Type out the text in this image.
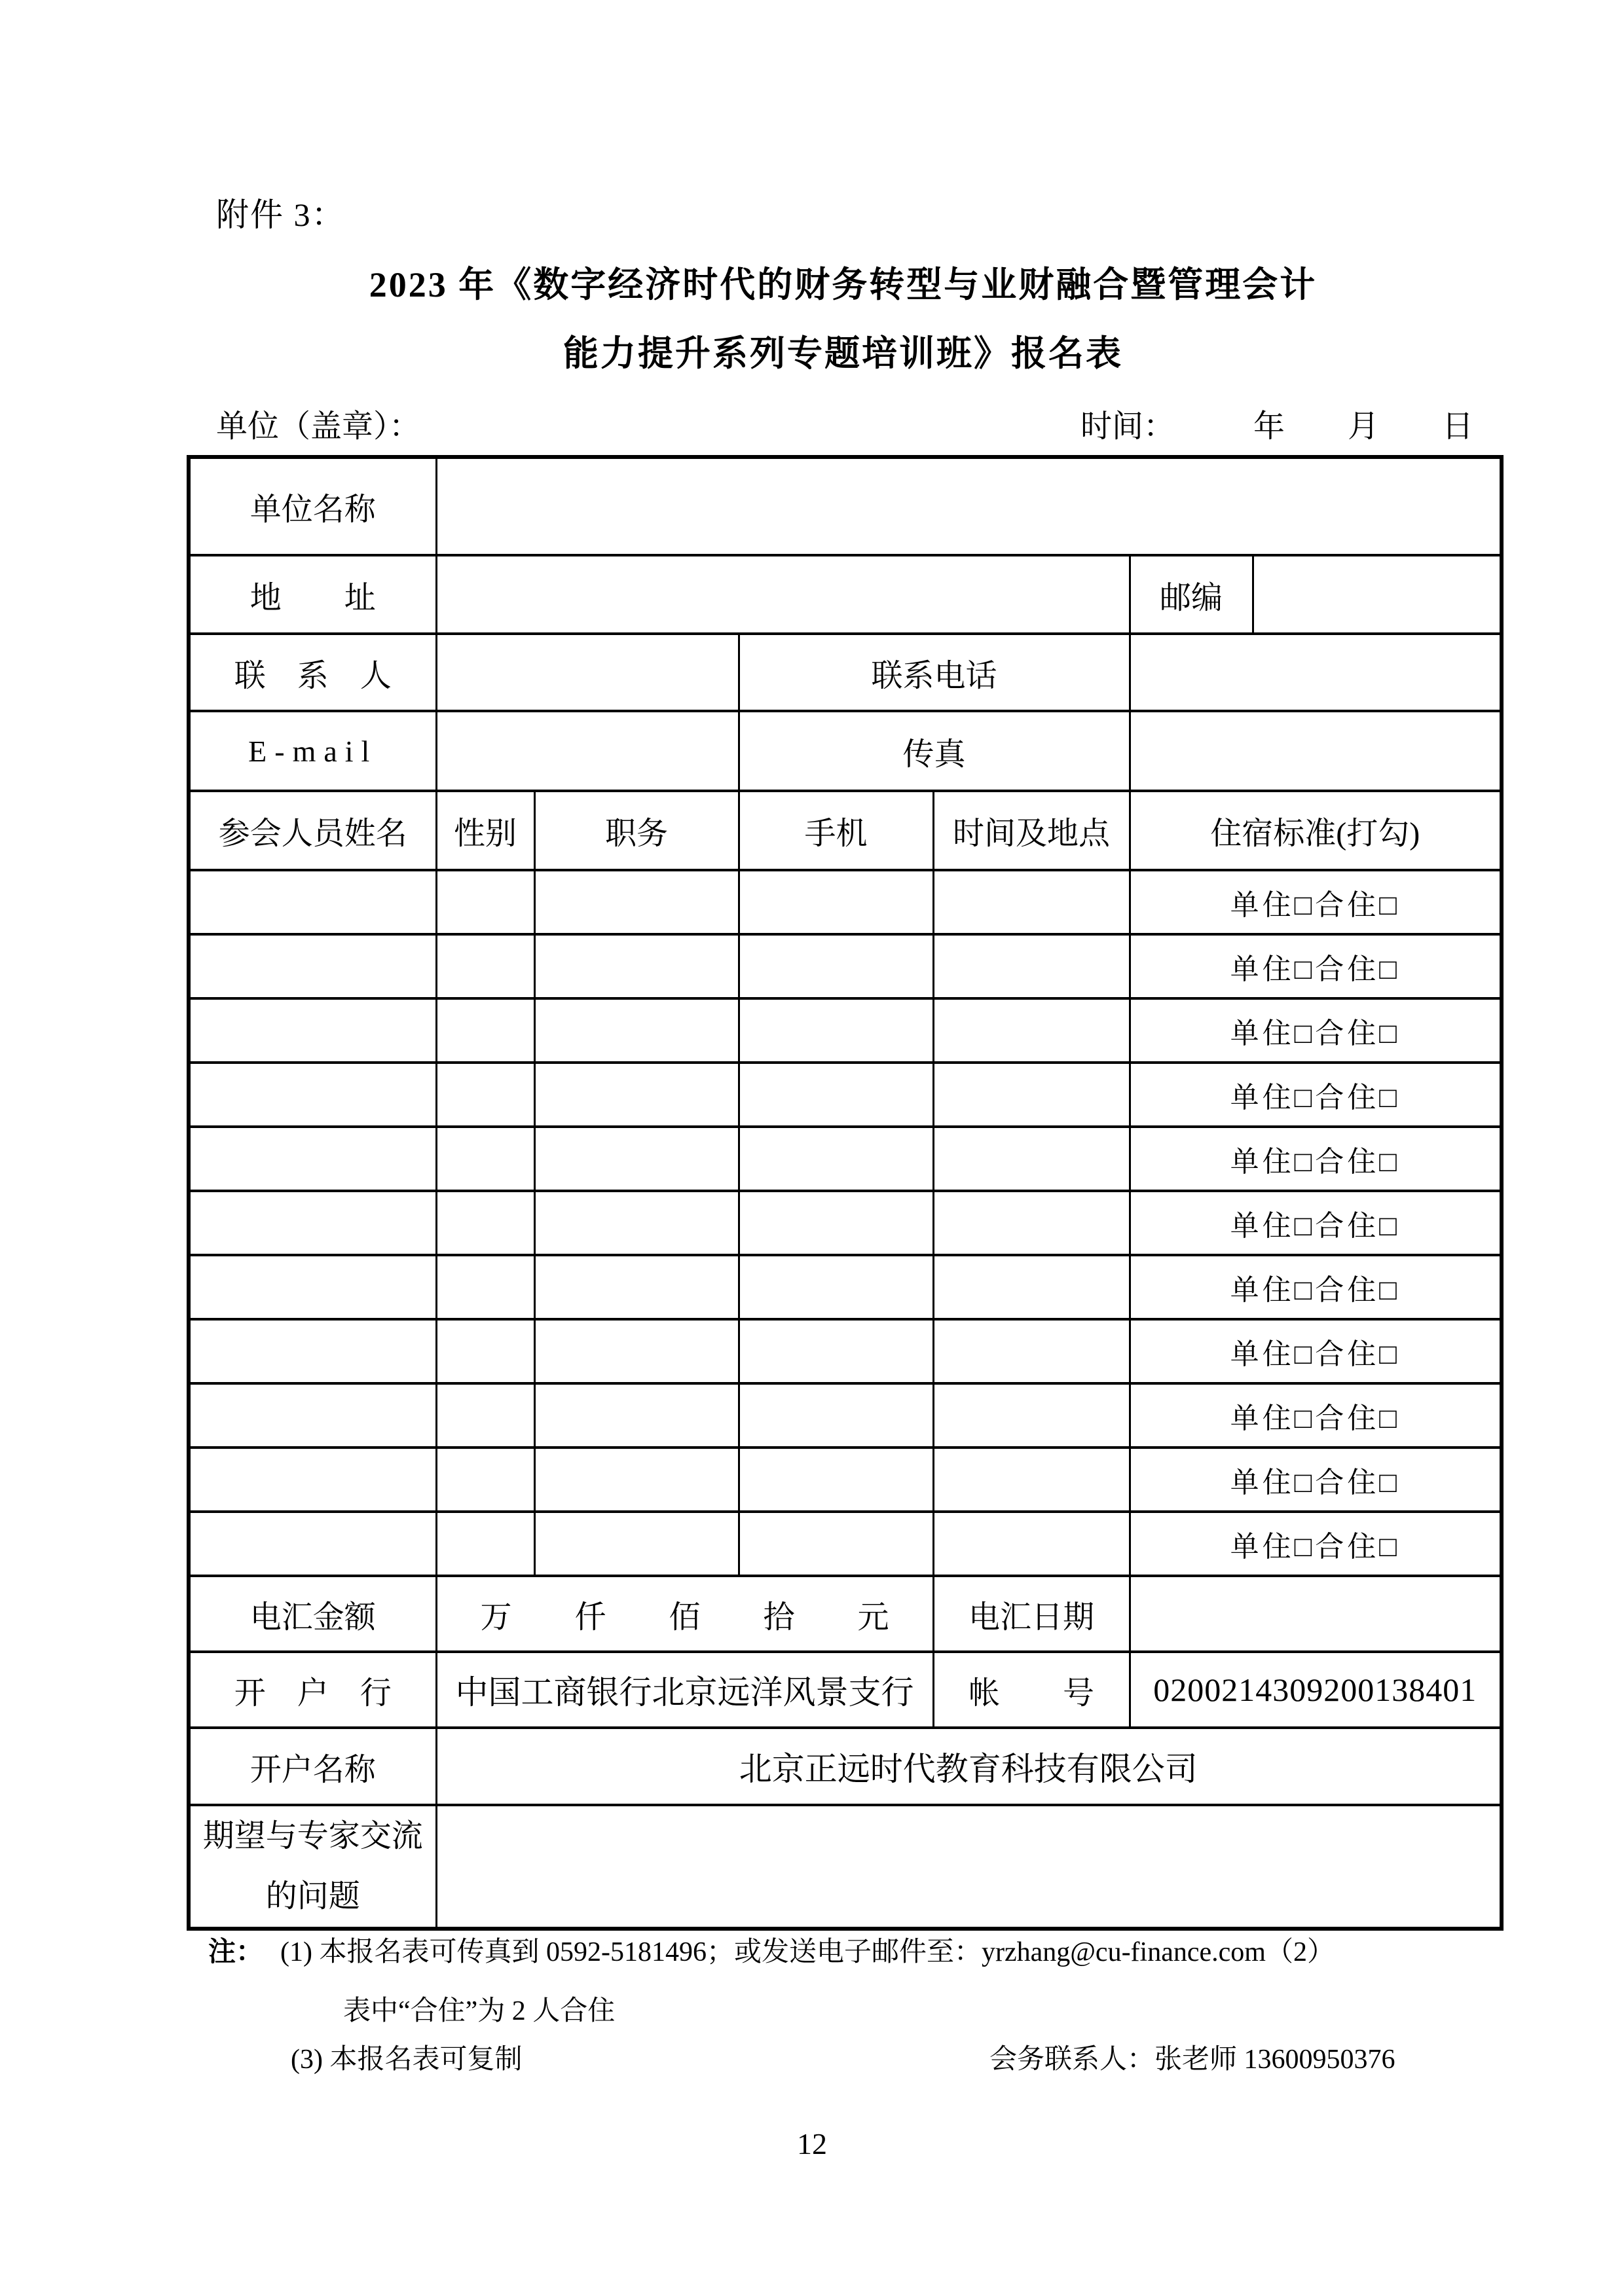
附件 3：
2023 年《数字经济时代的财务转型与业财融合暨管理会计
能力提升系列专题培训班》报名表
单位（盖章）：	时间：　　　年　　月　　日
单位名称						
地　　址					邮编	
联　系　人			联系电话			
E-mail			传真			
参会人员姓名	性别	职务	手机	时间及地点	住宿标准(打勾)	
					单住□合住□	
					单住□合住□	
					单住□合住□	
					单住□合住□	
					单住□合住□	
					单住□合住□	
					单住□合住□	
					单住□合住□	
					单住□合住□	
					单住□合住□	
					单住□合住□	
电汇金额	万　　仟　　佰　　拾　　元			电汇日期		
开　户　行	中国工商银行北京远洋风景支行			帐　　号	0200214309200138401	
开户名称	北京正远时代教育科技有限公司					
期望与专家交流的问题						
注： (1) 本报名表可传真到 0592-5181496；或发送电子邮件至：yrzhang@cu-finance.com（2）
表中“合住”为 2 人合住
(3) 本报名表可复制	会务联系人：张老师 13600950376
12
